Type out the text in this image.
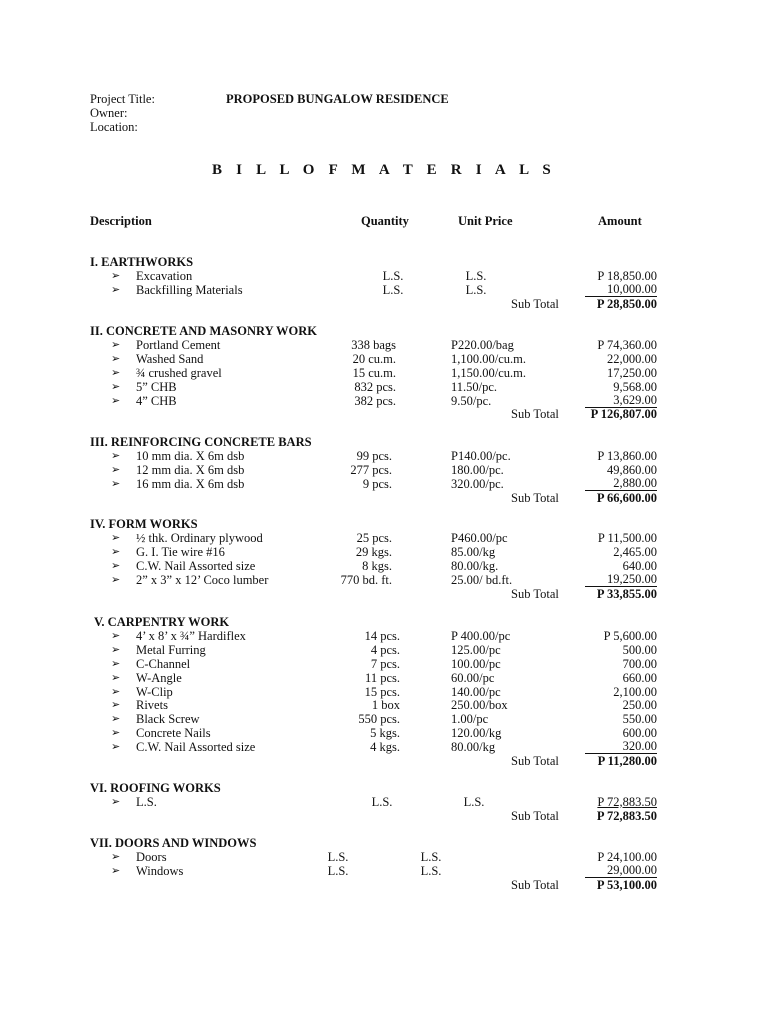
Project Title:	PROPOSED BUNGALOW RESIDENCE
Owner:
Location:
B I L L O F M A T E R I A L S
Description	Quantity	Unit Price	Amount
I. EARTHWORKS
➢ Excavation	L.S.	L.S.	P 18,850.00
➢ Backfilling Materials	L.S.	L.S.	10,000.00
Sub Total	P 28,850.00
II. CONCRETE AND MASONRY WORK
➢ Portland Cement	338 bags	P220.00/bag	P 74,360.00
➢ Washed Sand	20 cu.m.	1,100.00/cu.m.	22,000.00
➢ ¾ crushed gravel	15 cu.m.	1,150.00/cu.m.	17,250.00
➢ 5” CHB	832 pcs.	11.50/pc.	9,568.00
➢ 4” CHB	382 pcs.	9.50/pc.	3,629.00
Sub Total	P 126,807.00
III. REINFORCING CONCRETE BARS
➢ 10 mm dia. X 6m dsb	99 pcs.	P140.00/pc.	P 13,860.00
➢ 12 mm dia. X 6m dsb	277 pcs.	180.00/pc.	49,860.00
➢ 16 mm dia. X 6m dsb	9 pcs.	320.00/pc.	2,880.00
Sub Total	P 66,600.00
IV. FORM WORKS
➢ ½ thk. Ordinary plywood	25 pcs.	P460.00/pc	P 11,500.00
➢ G. I. Tie wire #16	29 kgs.	85.00/kg	2,465.00
➢ C.W. Nail Assorted size	8 kgs.	80.00/kg.	640.00
➢ 2” x 3” x 12’ Coco lumber	770 bd. ft.	25.00/ bd.ft.	19,250.00
Sub Total	P 33,855.00
V. CARPENTRY WORK
➢ 4’ x 8’ x ¾” Hardiflex	14 pcs.	P 400.00/pc	P 5,600.00
➢ Metal Furring	4 pcs.	125.00/pc	500.00
➢ C-Channel	7 pcs.	100.00/pc	700.00
➢ W-Angle	11 pcs.	60.00/pc	660.00
➢ W-Clip	15 pcs.	140.00/pc	2,100.00
➢ Rivets	1 box	250.00/box	250.00
➢ Black Screw	550 pcs.	1.00/pc	550.00
➢ Concrete Nails	5 kgs.	120.00/kg	600.00
➢ C.W. Nail Assorted size	4 kgs.	80.00/kg	320.00
Sub Total	P 11,280.00
VI. ROOFING WORKS
➢ L.S.	L.S.	L.S.	P 72,883.50
Sub Total	P 72,883.50
VII. DOORS AND WINDOWS
➢ Doors	L.S.	L.S.	P 24,100.00
➢ Windows	L.S.	L.S.	29,000.00
Sub Total	P 53,100.00
